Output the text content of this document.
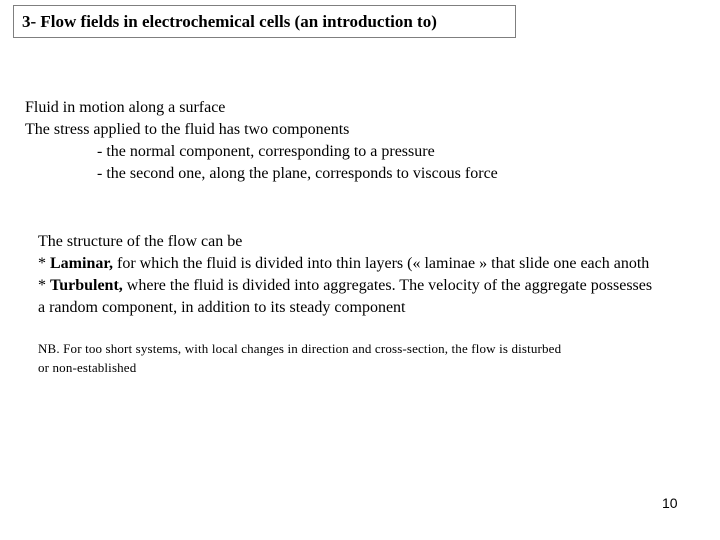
3- Flow fields in electrochemical cells (an introduction to)
Fluid in motion along a surface
The stress applied to the fluid has two components
- the normal component, corresponding to a pressure
- the second one, along the plane, corresponds to viscous force
The structure of the flow can be
* Laminar, for which the fluid is divided into thin layers (« laminae » that slide one each anoth
* Turbulent, where the fluid is divided into aggregates. The velocity of the aggregate possesses
a random component, in addition to its steady component
NB. For too short systems, with local changes in direction and cross-section, the flow is disturbed
or non-established
10
